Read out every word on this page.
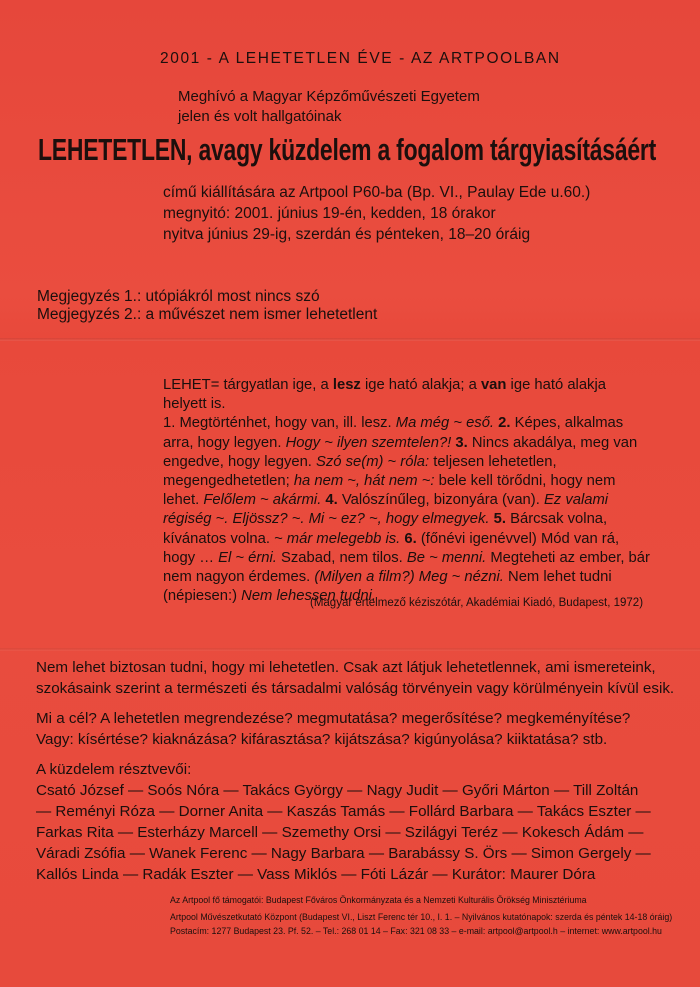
2001 - A LEHETETLEN ÉVE - AZ ARTPOOLBAN
Meghívó a Magyar Képzőművészeti Egyetem
jelen és volt hallgatóinak
LEHETETLEN, avagy küzdelem a fogalom tárgyiasításáért
című kiállítására az Artpool P60-ba (Bp. VI., Paulay Ede u.60.)
megnyitó: 2001. június 19-én, kedden, 18 órakor
nyitva június 29-ig, szerdán és pénteken, 18–20 óráig
Megjegyzés 1.: utópiákról most nincs szó
Megjegyzés 2.: a művészet nem ismer lehetetlent

LEHET= tárgyatlan ige, a lesz ige ható alakja; a van ige ható alakja helyett is.

1. Megtörténhet, hogy van, ill. lesz. Ma még ~ eső. 2. Képes, alkalmas arra, hogy legyen. Hogy ~ ilyen szemtelen?! 3. Nincs akadálya, meg van engedve, hogy legyen. Szó se(m) ~ róla: teljesen lehetetlen, megengedhetetlen; ha nem ~, hát nem ~: bele kell törődni, hogy nem lehet. Felőlem ~ akármi. 4. Valószínűleg, bizonyára (van). Ez valami régiség ~. Eljössz? ~. Mi ~ ez? ~, hogy elmegyek. 5. Bárcsak volna, kívánatos volna. ~ már melegebb is. 6. (főnévi igenévvel) Mód van rá, hogy … El ~ érni. Szabad, nem tilos. Be ~ menni. Megteheti az ember, bár nem nagyon érdemes. (Milyen a film?) Meg ~ nézni. Nem lehet tudni (népiesen:) Nem lehessen tudni.

(Magyar értelmező kéziszótár, Akadémiai Kiadó, Budapest, 1972)
Nem lehet biztosan tudni, hogy mi lehetetlen. Csak azt látjuk lehetetlennek, ami ismereteink,
szokásaink szerint a természeti és társadalmi valóság törvényein vagy körülményein kívül esik.
Mi a cél? A lehetetlen megrendezése? megmutatása? megerősítése? megkeményítése?
Vagy: kísértése? kiaknázása? kifárasztása? kijátszása? kigúnyolása? kiiktatása? stb.
A küzdelem résztvevői:
Csató József — Soós Nóra — Takács György — Nagy Judit — Győri Márton — Till Zoltán
— Reményi Róza — Dorner Anita — Kaszás Tamás — Follárd Barbara — Takács Eszter —
Farkas Rita — Esterházy Marcell — Szemethy Orsi — Szilágyi Teréz — Kokesch Ádám —
Váradi Zsófia — Wanek Ferenc — Nagy Barbara — Barabássy S. Örs — Simon Gergely —
Kallós Linda — Radák Eszter — Vass Miklós — Fóti Lázár — Kurátor: Maurer Dóra
Az Artpool fő támogatói: Budapest Főváros Önkormányzata és a Nemzeti Kulturális Örökség Minisztériuma
Artpool Művészetkutató Központ (Budapest VI., Liszt Ferenc tér 10., I. 1. – Nyilvános kutatónapok: szerda és péntek 14-18 óráig)
Postacím: 1277 Budapest 23. Pf. 52. – Tel.: 268 01 14 – Fax: 321 08 33 – e-mail: artpool@artpool.h – internet: www.artpool.hu
